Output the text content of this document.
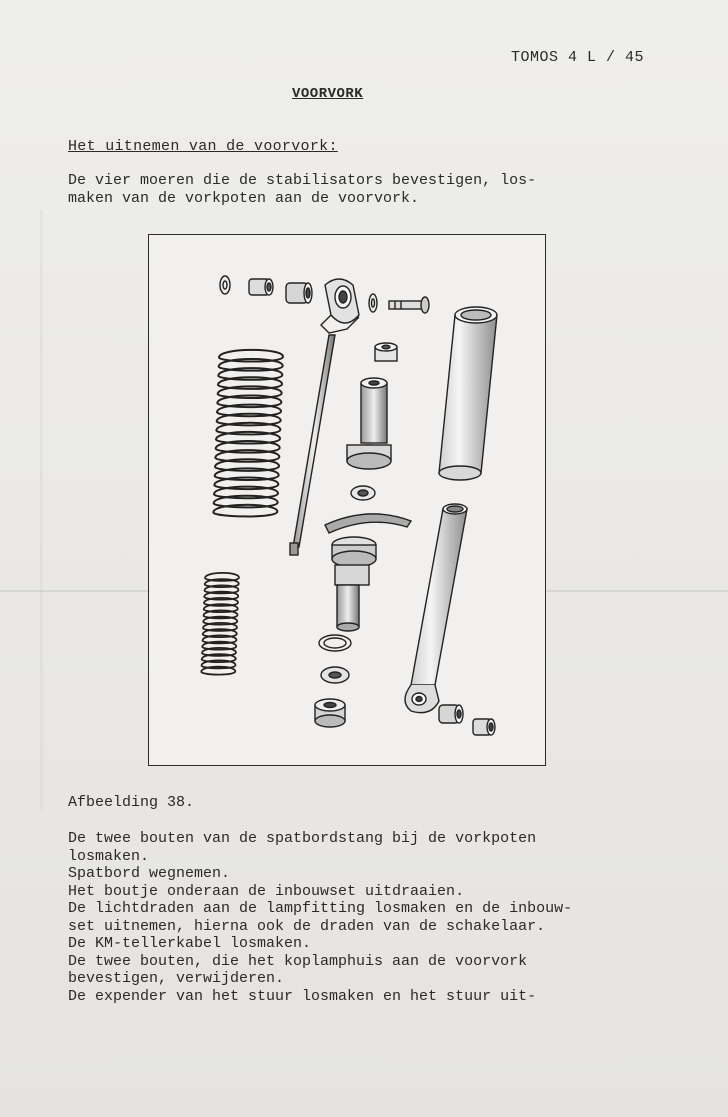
TOMOS 4 L / 45
VOORVORK
Het uitnemen van de voorvork:
De vier moeren die de stabilisators bevestigen, los-
maken van de vorkpoten aan de voorvork.
Afbeelding 38.
De twee bouten van de spatbordstang bij de vorkpoten
losmaken.
Spatbord wegnemen.
Het boutje onderaan de inbouwset uitdraaien.
De lichtdraden aan de lampfitting losmaken en de inbouw-
set uitnemen, hierna ook de draden van de schakelaar.
De KM-tellerkabel losmaken.
De twee bouten, die het koplamphuis aan de voorvork
bevestigen, verwijderen.
De expender van het stuur losmaken en het stuur uit-
